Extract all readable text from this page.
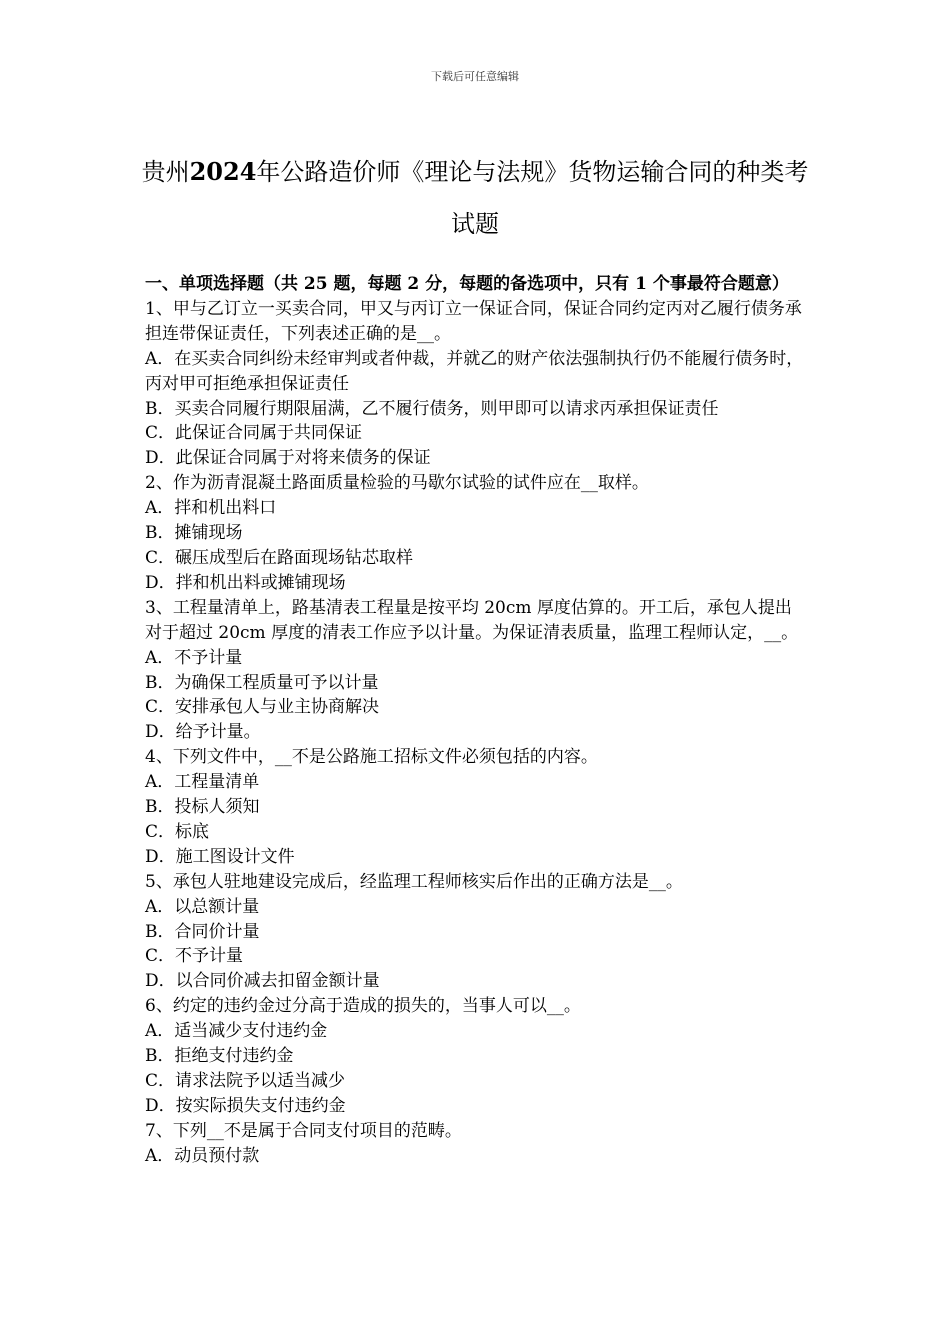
下载后可任意编辑
贵州2024年公路造价师《理论与法规》货物运输合同的种类考试题

一、单项选择题（共 25 题，每题 2 分，每题的备选项中，只有 1 个事最符合题意）

1、甲与乙订立一买卖合同，甲又与丙订立一保证合同，保证合同约定丙对乙履行债务承担连带保证责任，下列表述正确的是__。

A．在买卖合同纠纷未经审判或者仲裁，并就乙的财产依法强制执行仍不能履行债务时，丙对甲可拒绝承担保证责任

B．买卖合同履行期限届满，乙不履行债务，则甲即可以请求丙承担保证责任

C．此保证合同属于共同保证

D．此保证合同属于对将来债务的保证

2、作为沥青混凝土路面质量检验的马歇尔试验的试件应在__取样。

A．拌和机出料口

B．摊铺现场

C．碾压成型后在路面现场钻芯取样

D．拌和机出料或摊铺现场

3、工程量清单上，路基清表工程量是按平均 20cm 厚度估算的。开工后，承包人提出对于超过 20cm 厚度的清表工作应予以计量。为保证清表质量，监理工程师认定，__。

A．不予计量

B．为确保工程质量可予以计量

C．安排承包人与业主协商解决

D．给予计量。

4、下列文件中，__不是公路施工招标文件必须包括的内容。

A．工程量清单

B．投标人须知

C．标底

D．施工图设计文件

5、承包人驻地建设完成后，经监理工程师核实后作出的正确方法是__。

A．以总额计量

B．合同价计量

C．不予计量

D．以合同价减去扣留金额计量

6、约定的违约金过分高于造成的损失的，当事人可以__。

A．适当减少支付违约金

B．拒绝支付违约金

C．请求法院予以适当减少

D．按实际损失支付违约金

7、下列__不是属于合同支付项目的范畴。

A．动员预付款
